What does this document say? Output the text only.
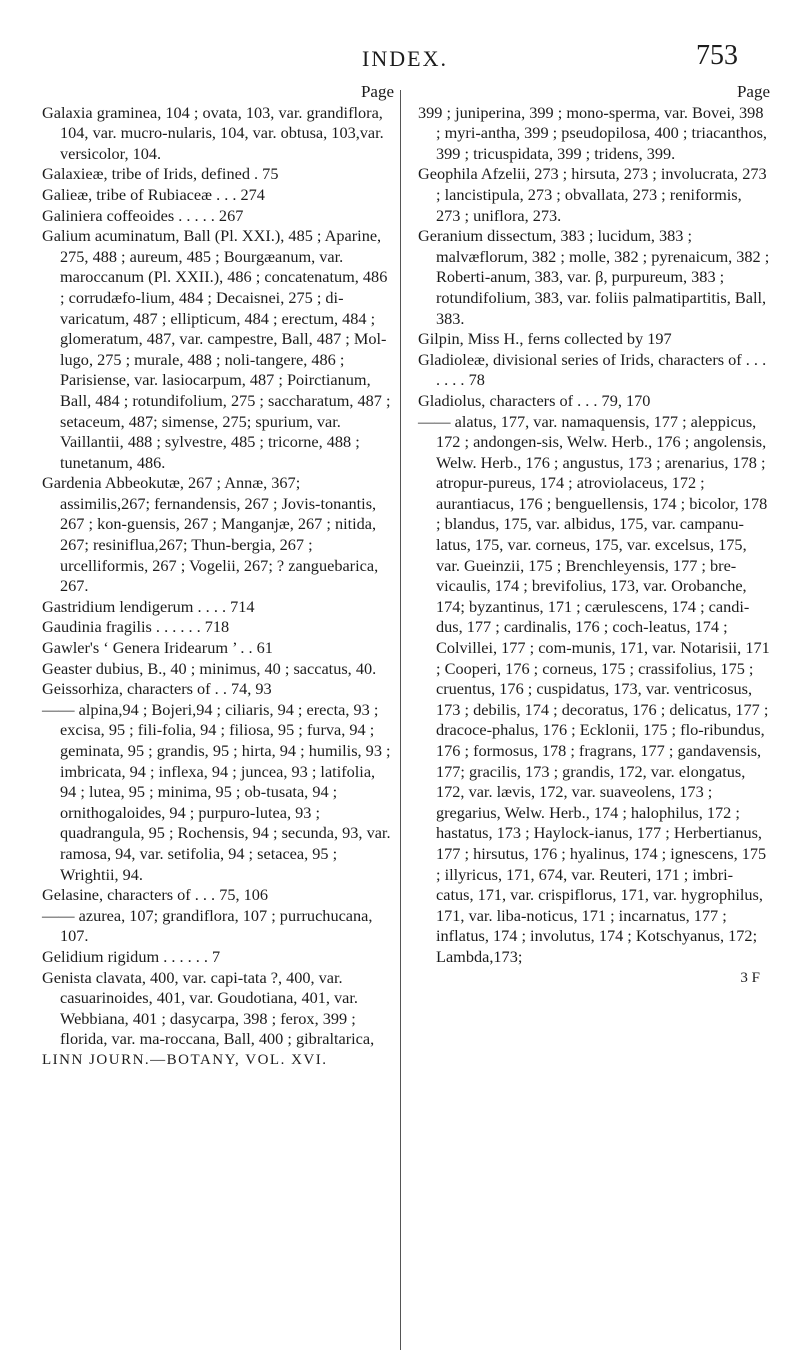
INDEX.	753
Page

Galaxia graminea, 104 ; ovata, 103, var. grandiflora, 104, var. mucro-nularis, 104, var. obtusa, 103,var. versicolor, 104.

Galaxieæ, tribe of Irids, defined . 75

Galieæ, tribe of Rubiaceæ . . . 274

Galiniera coffeoides . . . . . 267

Galium acuminatum, Ball (Pl. XXI.), 485 ; Aparine, 275, 488 ; aureum, 485 ; Bourgæanum, var. maroccanum (Pl. XXII.), 486 ; concatenatum, 486 ; corrudæfo-lium, 484 ; Decaisnei, 275 ; di-varicatum, 487 ; ellipticum, 484 ; erectum, 484 ; glomeratum, 487, var. campestre, Ball, 487 ; Mol-lugo, 275 ; murale, 488 ; noli-tangere, 486 ; Parisiense, var. lasiocarpum, 487 ; Poirctianum, Ball, 484 ; rotundifolium, 275 ; saccharatum, 487 ; setaceum, 487; simense, 275; spurium, var. Vaillantii, 488 ; sylvestre, 485 ; tricorne, 488 ; tunetanum, 486.

Gardenia Abbeokutæ, 267 ; Annæ, 367; assimilis,267; fernandensis, 267 ; Jovis-tonantis, 267 ; kon-guensis, 267 ; Manganjæ, 267 ; nitida, 267; resiniflua,267; Thun-bergia, 267 ; urcelliformis, 267 ; Vogelii, 267; ? zanguebarica, 267.

Gastridium lendigerum . . . . 714

Gaudinia fragilis . . . . . . 718

Gawler's ‘ Genera Iridearum ’ . . 61

Geaster dubius, B., 40 ; minimus, 40 ; saccatus, 40.

Geissorhiza, characters of . . 74, 93

—— alpina,94 ; Bojeri,94 ; ciliaris, 94 ; erecta, 93 ; excisa, 95 ; fili-folia, 94 ; filiosa, 95 ; furva, 94 ; geminata, 95 ; grandis, 95 ; hirta, 94 ; humilis, 93 ; imbricata, 94 ; inflexa, 94 ; juncea, 93 ; latifolia, 94 ; lutea, 95 ; minima, 95 ; ob-tusata, 94 ; ornithogaloides, 94 ; purpuro-lutea, 93 ; quadrangula, 95 ; Rochensis, 94 ; secunda, 93, var. ramosa, 94, var. setifolia, 94 ; setacea, 95 ; Wrightii, 94.

Gelasine, characters of . . . 75, 106

—— azurea, 107; grandiflora, 107 ; purruchucana, 107.

Gelidium rigidum . . . . . . 7

Genista clavata, 400, var. capi-tata ?, 400, var. casuarinoides, 401, var. Goudotiana, 401, var. Webbiana, 401 ; dasycarpa, 398 ; ferox, 399 ; florida, var. ma-roccana, Ball, 400 ; gibraltarica,

LINN JOURN.—BOTANY, VOL. XVI.
Page

399 ; juniperina, 399 ; mono-sperma, var. Bovei, 398 ; myri-antha, 399 ; pseudopilosa, 400 ; triacanthos, 399 ; tricuspidata, 399 ; tridens, 399.

Geophila Afzelii, 273 ; hirsuta, 273 ; involucrata, 273 ; lancistipula, 273 ; obvallata, 273 ; reniformis, 273 ; uniflora, 273.

Geranium dissectum, 383 ; lucidum, 383 ; malvæflorum, 382 ; molle, 382 ; pyrenaicum, 382 ; Roberti-anum, 383, var. β, purpureum, 383 ; rotundifolium, 383, var. foliis palmatipartitis, Ball, 383.

Gilpin, Miss H., ferns collected by 197

Gladioleæ, divisional series of Irids, characters of . . . . . . . 78

Gladiolus, characters of . . . 79, 170

—— alatus, 177, var. namaquensis, 177 ; aleppicus, 172 ; andongen-sis, Welw. Herb., 176 ; angolensis, Welw. Herb., 176 ; angustus, 173 ; arenarius, 178 ; atropur-pureus, 174 ; atroviolaceus, 172 ; aurantiacus, 176 ; benguellensis, 174 ; bicolor, 178 ; blandus, 175, var. albidus, 175, var. campanu-latus, 175, var. corneus, 175, var. excelsus, 175, var. Gueinzii, 175 ; Brenchleyensis, 177 ; bre-vicaulis, 174 ; brevifolius, 173, var. Orobanche, 174; byzantinus, 171 ; cærulescens, 174 ; candi-dus, 177 ; cardinalis, 176 ; coch-leatus, 174 ; Colvillei, 177 ; com-munis, 171, var. Notarisii, 171 ; Cooperi, 176 ; corneus, 175 ; crassifolius, 175 ; cruentus, 176 ; cuspidatus, 173, var. ventricosus, 173 ; debilis, 174 ; decoratus, 176 ; delicatus, 177 ; dracoce-phalus, 176 ; Ecklonii, 175 ; flo-ribundus, 176 ; formosus, 178 ; fragrans, 177 ; gandavensis, 177; gracilis, 173 ; grandis, 172, var. elongatus, 172, var. lævis, 172, var. suaveolens, 173 ; gregarius, Welw. Herb., 174 ; halophilus, 172 ; hastatus, 173 ; Haylock-ianus, 177 ; Herbertianus, 177 ; hirsutus, 176 ; hyalinus, 174 ; ignescens, 175 ; illyricus, 171, 674, var. Reuteri, 171 ; imbri-catus, 171, var. crispiflorus, 171, var. hygrophilus, 171, var. liba-noticus, 171 ; incarnatus, 177 ; inflatus, 174 ; involutus, 174 ; Kotschyanus, 172; Lambda,173;

3 F
